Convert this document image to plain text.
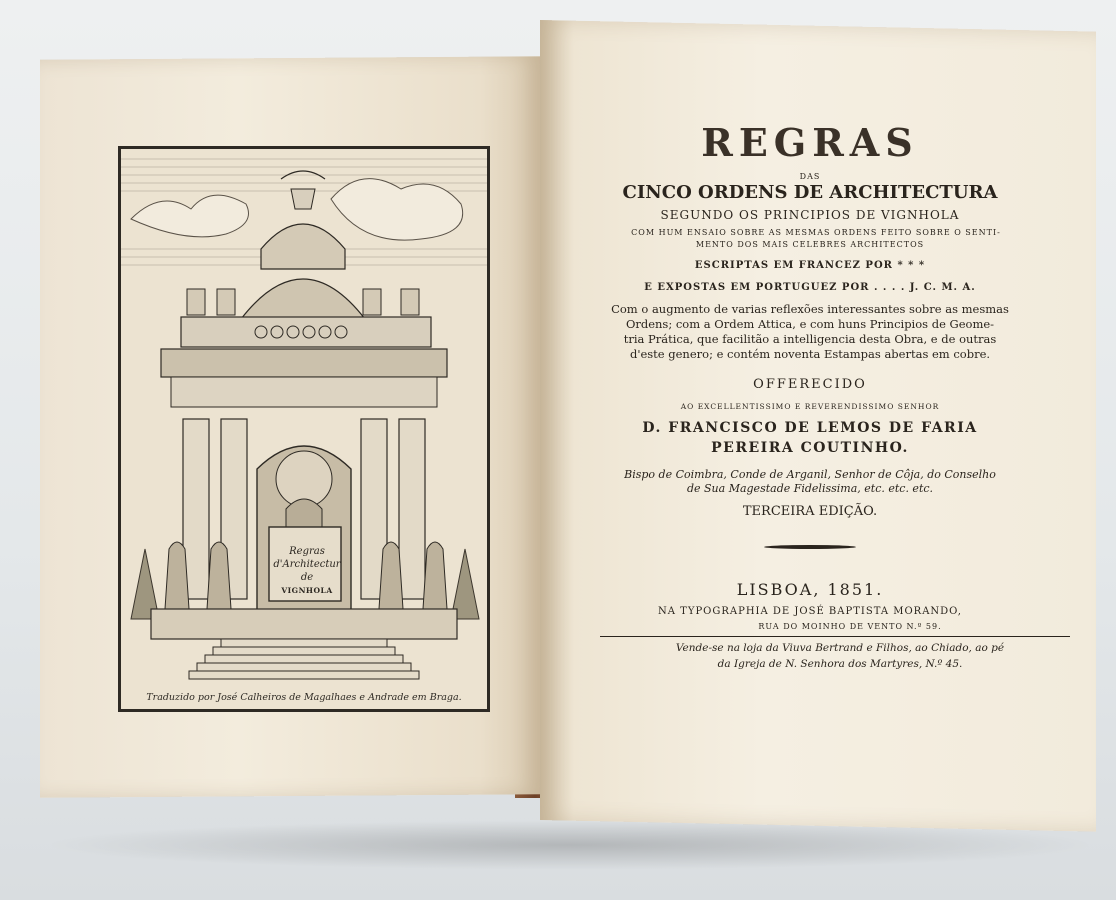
Regras
d'Architectur
de
VIGNHOLA
Traduzido por José Calheiros de Magalhaes e Andrade em Braga.
REGRAS
DAS
CINCO ORDENS DE ARCHITECTURA
SEGUNDO OS PRINCIPIOS DE VIGNHOLA
COM HUM ENSAIO SOBRE AS MESMAS ORDENS FEITO SOBRE O SENTI-
MENTO DOS MAIS CELEBRES ARCHITECTOS
ESCRIPTAS EM FRANCEZ POR * * *
E EXPOSTAS EM PORTUGUEZ POR . . . . J. C. M. A.
Com o augmento de varias reflexões interessantes sobre as mesmas
Ordens; com a Ordem Attica, e com huns Principios de Geome-
tria Prática, que facilitão a intelligencia desta Obra, e de outras
d'este genero; e contém noventa Estampas abertas em cobre.
OFFERECIDO
AO EXCELLENTISSIMO E REVERENDISSIMO SENHOR
D. FRANCISCO DE LEMOS DE FARIA
PEREIRA COUTINHO.
Bispo de Coimbra, Conde de Arganil, Senhor de Côja, do Conselho
de Sua Magestade Fidelissima, etc. etc. etc.
TERCEIRA EDIÇÃO.
LISBOA, 1851.
NA TYPOGRAPHIA DE JOSÉ BAPTISTA MORANDO,
RUA DO MOINHO DE VENTO N.º 59.
Vende-se na loja da Viuva Bertrand e Filhos, ao Chiado, ao pé
da Igreja de N. Senhora dos Martyres, N.º 45.
